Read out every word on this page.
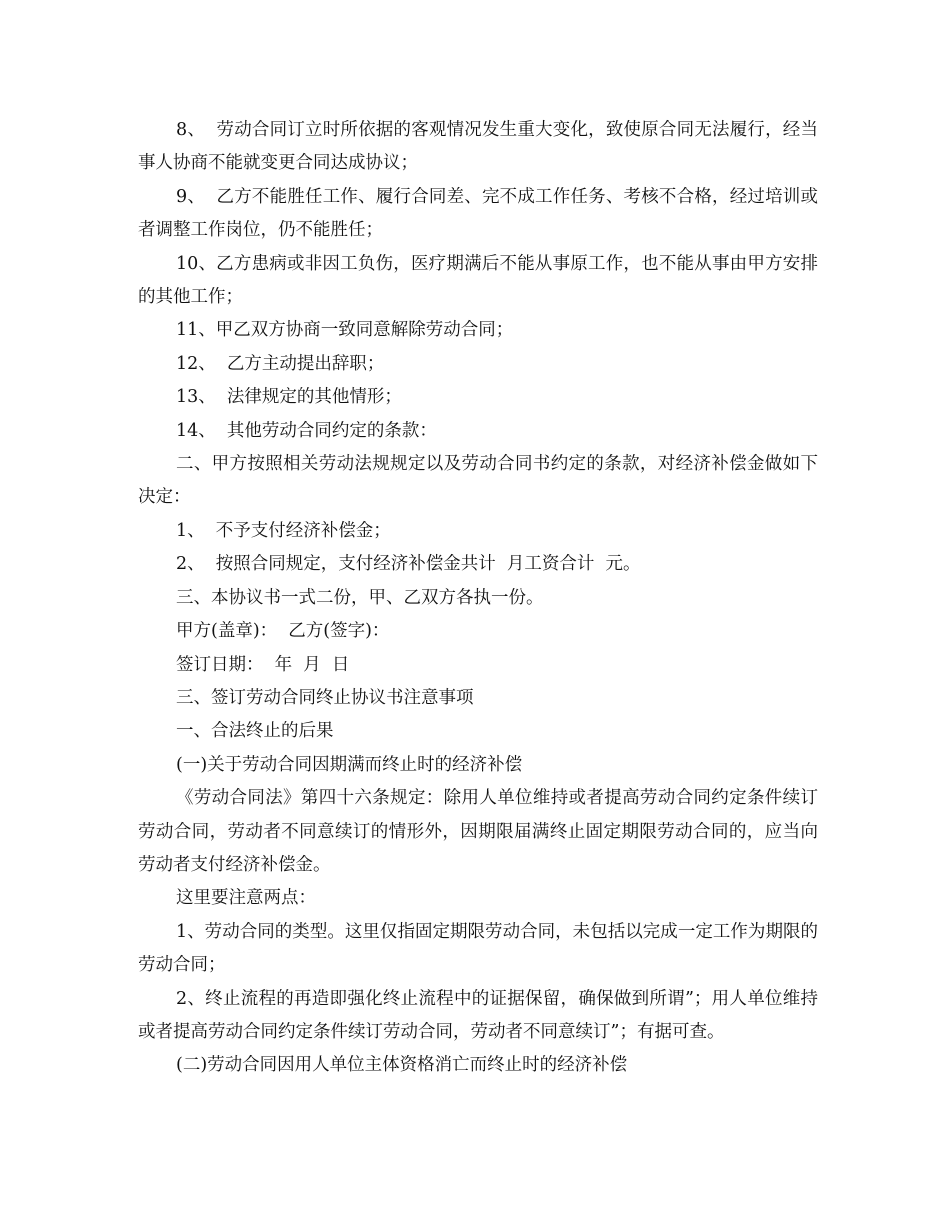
8、  劳动合同订立时所依据的客观情况发生重大变化，致使原合同无法履行，经当事人协商不能就变更合同达成协议；

9、  乙方不能胜任工作、履行合同差、完不成工作任务、考核不合格，经过培训或者调整工作岗位，仍不能胜任；

10、乙方患病或非因工负伤，医疗期满后不能从事原工作，也不能从事由甲方安排的其他工作；

11、甲乙双方协商一致同意解除劳动合同；

12、  乙方主动提出辞职；

13、  法律规定的其他情形；

14、  其他劳动合同约定的条款：

二、甲方按照相关劳动法规规定以及劳动合同书约定的条款，对经济补偿金做如下决定：

1、  不予支付经济补偿金；

2、  按照合同规定，支付经济补偿金共计  月工资合计  元。

三、本协议书一式二份，甲、乙双方各执一份。

甲方(盖章)：  乙方(签字)：

签订日期：  年  月  日

三、签订劳动合同终止协议书注意事项

一、合法终止的后果

(一)关于劳动合同因期满而终止时的经济补偿

《劳动合同法》第四十六条规定：除用人单位维持或者提高劳动合同约定条件续订劳动合同，劳动者不同意续订的情形外，因期限届满终止固定期限劳动合同的，应当向劳动者支付经济补偿金。

这里要注意两点：

1、劳动合同的类型。这里仅指固定期限劳动合同，未包括以完成一定工作为期限的劳动合同；

2、终止流程的再造即强化终止流程中的证据保留，确保做到所谓”；用人单位维持或者提高劳动合同约定条件续订劳动合同，劳动者不同意续订”；有据可查。

(二)劳动合同因用人单位主体资格消亡而终止时的经济补偿
